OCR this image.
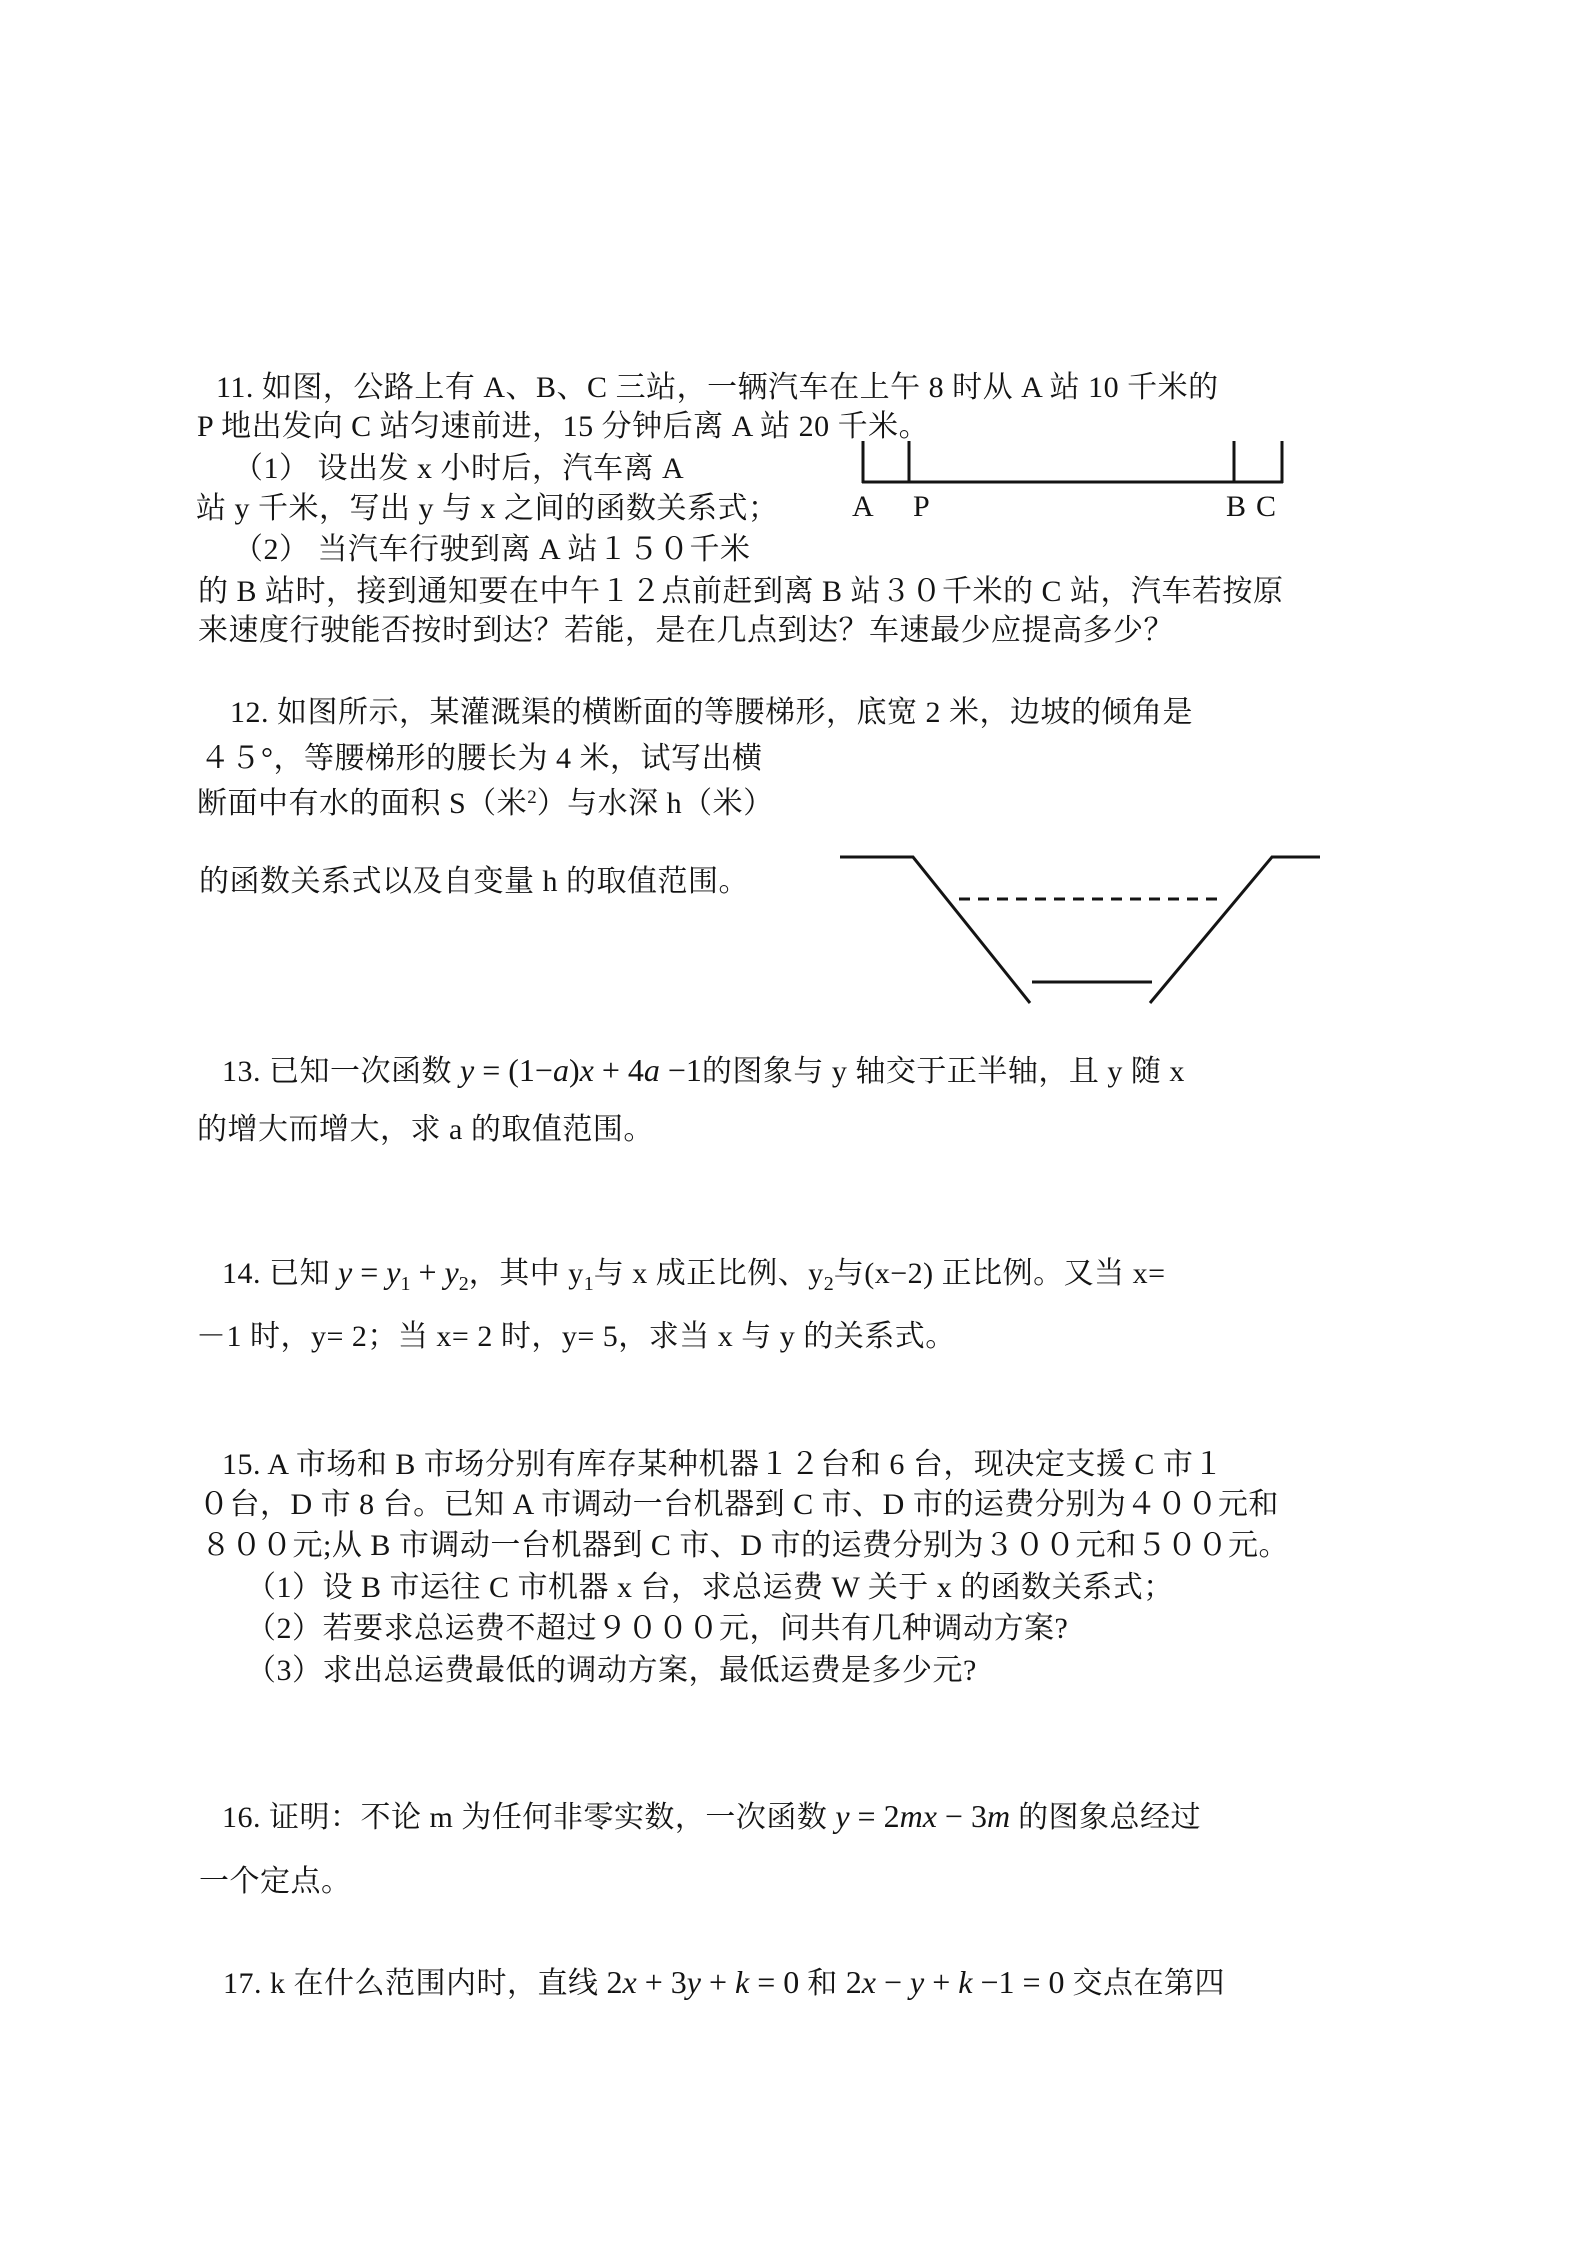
11. 如图，公路上有 A、B、C 三站，一辆汽车在上午 8 时从 A 站 10 千米的
P 地出发向 C 站匀速前进，15 分钟后离 A 站 20 千米。
（1） 设出发 x 小时后，汽车离 A
站 y 千米，写出 y 与 x 之间的函数关系式；
（2） 当汽车行驶到离 A 站１５０千米
的 B 站时，接到通知要在中午１２点前赶到离 B 站３０千米的 C 站，汽车若按原
来速度行驶能否按时到达？若能，是在几点到达？车速最少应提高多少？
A P	B C
12. 如图所示，某灌溉渠的横断面的等腰梯形，底宽 2 米，边坡的倾角是
４５°，等腰梯形的腰长为 4 米，试写出横
断面中有水的面积 S（米$^2$）与水深 h（米）
的函数关系式以及自变量 h 的取值范围。
13. 已知一次函数 y = (1−a)x + 4a −1的图象与 y 轴交于正半轴，且 y 随 x
的增大而增大，求 a 的取值范围。
14. 已知 $y = y_1 + y_2$，其中 $y_1$与 x 成正比例、$y_2$与(x−2) 正比例。又当 x=
－1 时，y= 2；当 x= 2 时，y= 5，求当 x 与 y 的关系式。
15. A 市场和 B 市场分别有库存某种机器１２台和 6 台，现决定支援 C 市１
０台，D 市 8 台。已知 A 市调动一台机器到 C 市、D 市的运费分别为４００元和
８００元;从 B 市调动一台机器到 C 市、D 市的运费分别为３００元和５００元。
（1）设 B 市运往 C 市机器 x 台，求总运费 W 关于 x 的函数关系式；
（2）若要求总运费不超过９０００元，问共有几种调动方案?
（3）求出总运费最低的调动方案，最低运费是多少元?
16. 证明：不论 m 为任何非零实数，一次函数 y = 2mx − 3m 的图象总经过
一个定点。
17. k 在什么范围内时，直线 2x + 3y + k = 0 和 2x − y + k −1 = 0 交点在第四
